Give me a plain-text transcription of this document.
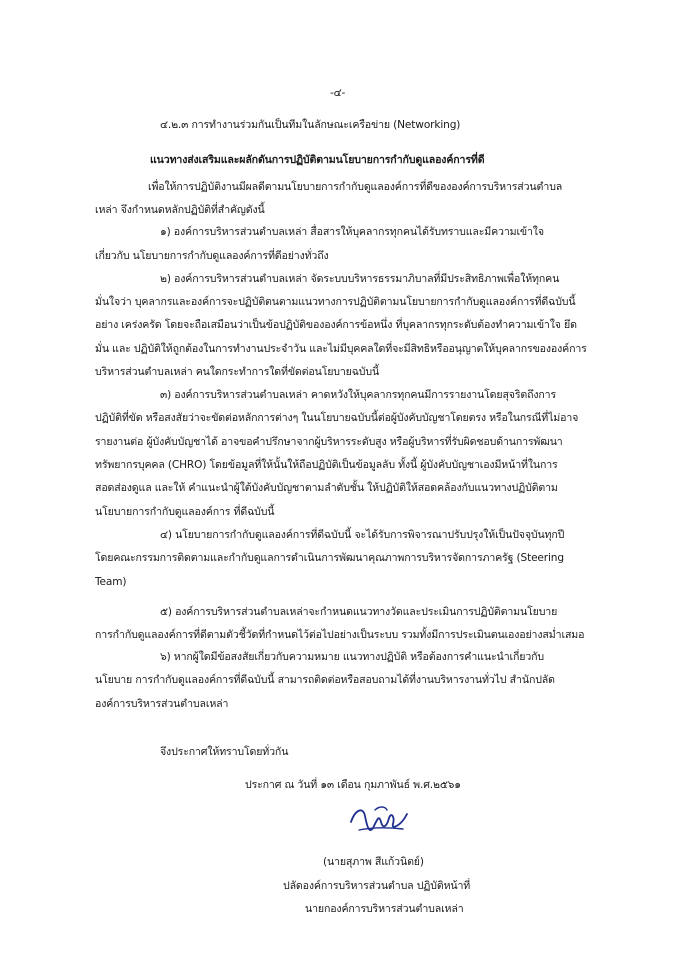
-๔-
๔.๒.๓ การทำงานร่วมกันเป็นทีมในลักษณะเครือข่าย (Networking)
แนวทางส่งเสริมและผลักดันการปฏิบัติตามนโยบายการกำกับดูแลองค์การที่ดี
เพื่อให้การปฏิบัติงานมีผลดีตามนโยบายการกำกับดูแลองค์การที่ดีขององค์การบริหารส่วนตำบล
เหล่า จึงกำหนดหลักปฏิบัติที่สำคัญดังนี้
๑) องค์การบริหารส่วนตำบลเหล่า สื่อสารให้บุคลากรทุกคนได้รับทราบและมีความเข้าใจ
เกี่ยวกับ นโยบายการกำกับดูแลองค์การที่ดีอย่างทั่วถึง
๒) องค์การบริหารส่วนตำบลเหล่า จัดระบบบริหารธรรมาภิบาลที่มีประสิทธิภาพเพื่อให้ทุกคน
มั่นใจว่า บุคลากรและองค์การจะปฏิบัติตนตามแนวทางการปฏิบัติตามนโยบายการกำกับดูแลองค์การที่ดีฉบับนี้
อย่าง เคร่งครัด โดยจะถือเสมือนว่าเป็นข้อปฏิบัติขององค์การข้อหนึ่ง ที่บุคลากรทุกระดับต้องทำความเข้าใจ ยึด
มั่น และ ปฏิบัติให้ถูกต้องในการทำงานประจำวัน และไม่มีบุคคลใดที่จะมีสิทธิหรืออนุญาตให้บุคลากรขององค์การ
บริหารส่วนตำบลเหล่า คนใดกระทำการใดที่ขัดต่อนโยบายฉบับนี้
๓) องค์การบริหารส่วนตำบลเหล่า คาดหวังให้บุคลากรทุกคนมีการรายงานโดยสุจริตถึงการ
ปฏิบัติที่ขัด หรือสงสัยว่าจะขัดต่อหลักการต่างๆ ในนโยบายฉบับนี้ต่อผู้บังคับบัญชาโดยตรง หรือในกรณีที่ไม่อาจ
รายงานต่อ ผู้บังคับบัญชาได้ อาจขอคำปรึกษาจากผู้บริหารระดับสูง หรือผู้บริหารที่รับผิดชอบด้านการพัฒนา
ทรัพยากรบุคคล (CHRO) โดยข้อมูลที่ให้นั้นให้ถือปฏิบัติเป็นข้อมูลลับ ทั้งนี้ ผู้บังคับบัญชาเองมีหน้าที่ในการ
สอดส่องดูแล และให้ คำแนะนำผู้ใต้บังคับบัญชาตามลำดับชั้น ให้ปฏิบัติให้สอดคล้องกับแนวทางปฏิบัติตาม
นโยบายการกำกับดูแลองค์การ ที่ดีฉบับนี้
๔) นโยบายการกำกับดูแลองค์การที่ดีฉบับนี้ จะได้รับการพิจารณาปรับปรุงให้เป็นปัจจุบันทุกปี
โดยคณะกรรมการติดตามและกำกับดูแลการดำเนินการพัฒนาคุณภาพการบริหารจัดการภาครัฐ (Steering
Team)
๕) องค์การบริหารส่วนตำบลเหล่าจะกำหนดแนวทางวัดและประเมินการปฏิบัติตามนโยบาย
การกำกับดูแลองค์การที่ดีตามตัวชี้วัดที่กำหนดไว้ต่อไปอย่างเป็นระบบ รวมทั้งมีการประเมินตนเองอย่างสม่ำเสมอ
๖) หากผู้ใดมีข้อสงสัยเกี่ยวกับความหมาย แนวทางปฏิบัติ หรือต้องการคำแนะนำเกี่ยวกับ
นโยบาย การกำกับดูแลองค์การที่ดีฉบับนี้ สามารถติดต่อหรือสอบถามได้ที่งานบริหารงานทั่วไป สำนักปลัด
องค์การบริหารส่วนตำบลเหล่า
จึงประกาศให้ทราบโดยทั่วกัน
ประกาศ ณ วันที่ ๑๓ เดือน กุมภาพันธ์ พ.ศ.๒๕๖๑
(นายสุภาพ สีแก้วนิตย์)
ปลัดองค์การบริหารส่วนตำบล ปฏิบัติหน้าที่
นายกองค์การบริหารส่วนตำบลเหล่า
